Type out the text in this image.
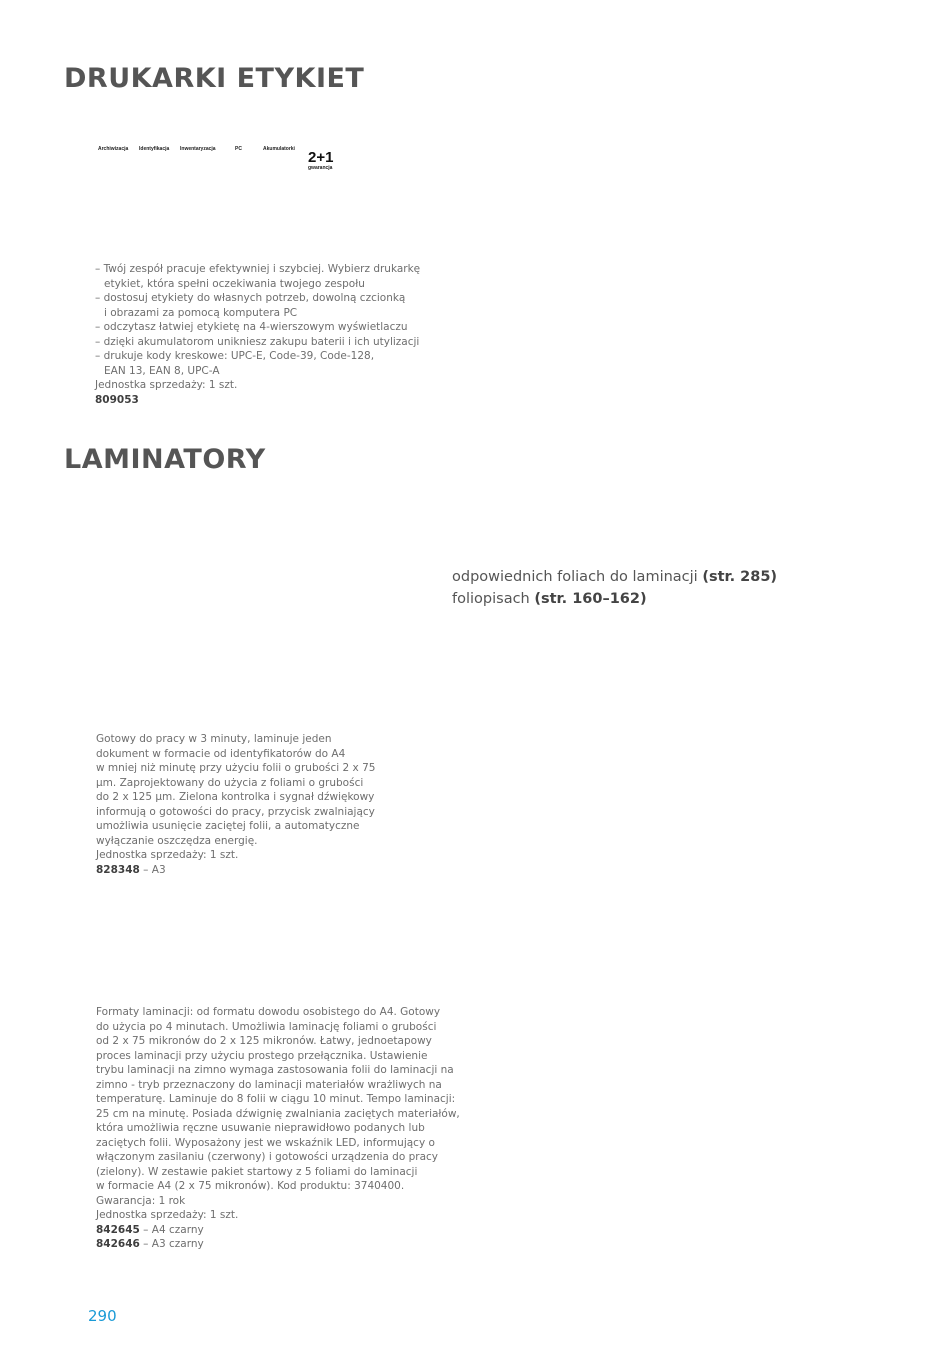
DRUKARKI ETYKIET
Archiwizacja Identyfikacja Inwentaryzacja	PC	Akumulatorki 2+1
gwarancja
– Twój zespół pracuje efektywniej i szybciej. Wybierz drukarkę
etykiet, która spełni oczekiwania twojego zespołu
– dostosuj etykiety do własnych potrzeb, dowolną czcionką
i obrazami za pomocą komputera PC
– odczytasz łatwiej etykietę na 4-wierszowym wyświetlaczu
– dzięki akumulatorom unikniesz zakupu baterii i ich utylizacji
– drukuje kody kreskowe: UPC-E, Code-39, Code-128,
EAN 13, EAN 8, UPC-A
Jednostka sprzedaży: 1 szt.
809053
LAMINATORY
odpowiednich foliach do laminacji (str. 285)
foliopisach (str. 160–162)
Gotowy do pracy w 3 minuty, laminuje jeden
dokument w formacie od identyfikatorów do A4
w mniej niż minutę przy użyciu folii o grubości 2 x 75
µm. Zaprojektowany do użycia z foliami o grubości
do 2 x 125 µm. Zielona kontrolka i sygnał dźwiękowy
informują o gotowości do pracy, przycisk zwalniający
umożliwia usunięcie zaciętej folii, a automatyczne
wyłączanie oszczędza energię.
Jednostka sprzedaży: 1 szt.
828348 – A3
Formaty laminacji: od formatu dowodu osobistego do A4. Gotowy
do użycia po 4 minutach. Umożliwia laminację foliami o grubości
od 2 x 75 mikronów do 2 x 125 mikronów. Łatwy, jednoetapowy
proces laminacji przy użyciu prostego przełącznika. Ustawienie
trybu laminacji na zimno wymaga zastosowania folii do laminacji na
zimno - tryb przeznaczony do laminacji materiałów wrażliwych na
temperaturę. Laminuje do 8 folii w ciągu 10 minut. Tempo laminacji:
25 cm na minutę. Posiada dźwignię zwalniania zaciętych materiałów,
która umożliwia ręczne usuwanie nieprawidłowo podanych lub
zaciętych folii. Wyposażony jest we wskaźnik LED, informujący o
włączonym zasilaniu (czerwony) i gotowości urządzenia do pracy
(zielony). W zestawie pakiet startowy z 5 foliami do laminacji
w formacie A4 (2 x 75 mikronów). Kod produktu: 3740400.
Gwarancja: 1 rok
Jednostka sprzedaży: 1 szt.
842645 – A4 czarny
842646 – A3 czarny
290
